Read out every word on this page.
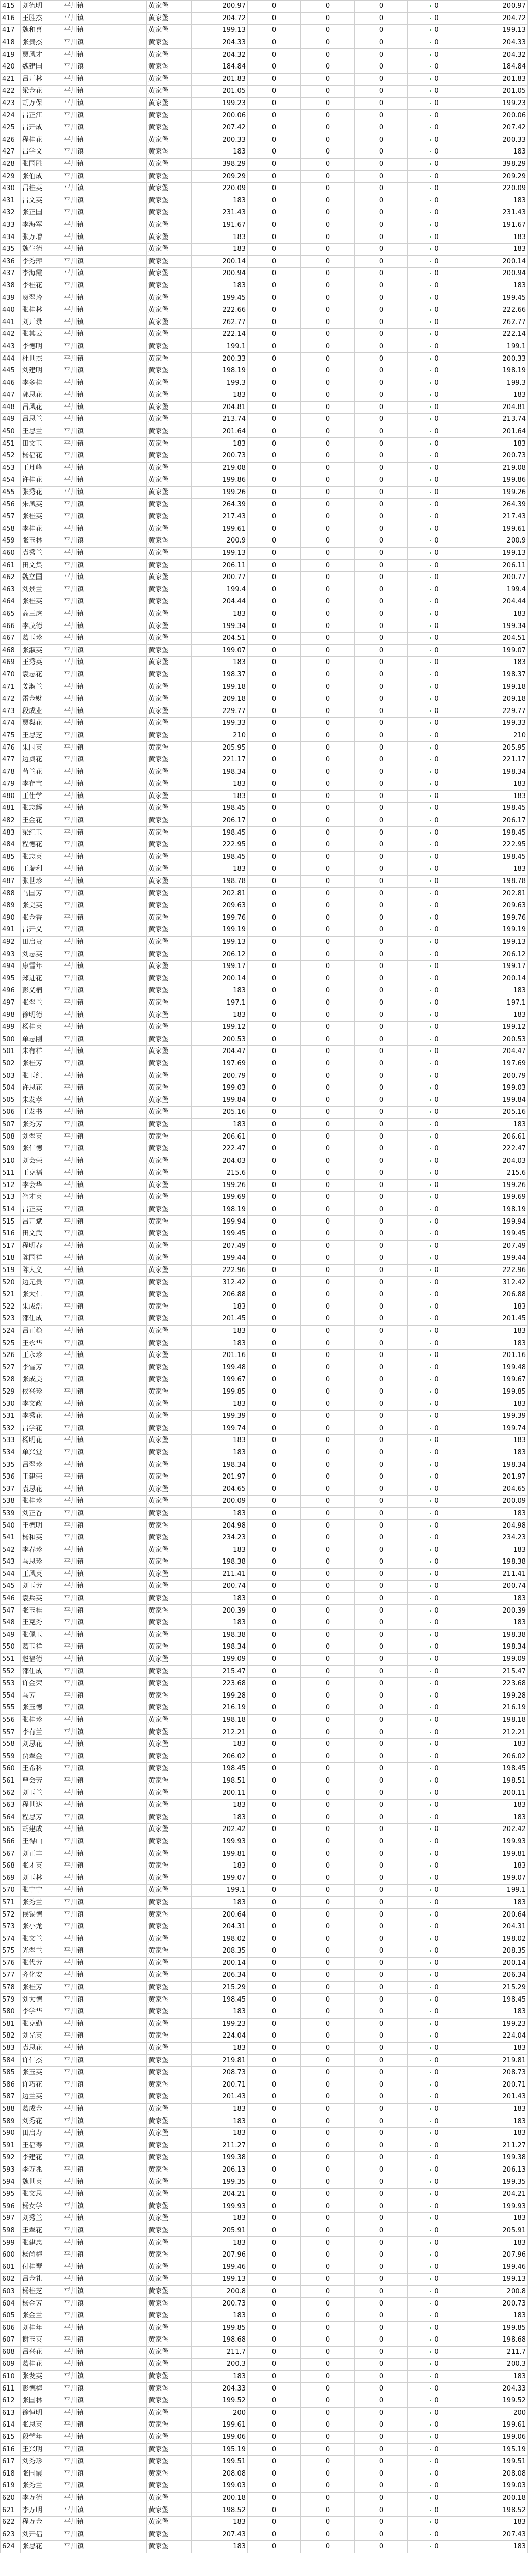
415	刘德明	平川镇		黄家堡	200.97	0	0	0	0	200.97
416	王胜杰	平川镇		黄家堡	204.72	0	0	0	0	204.72
417	魏和喜	平川镇		黄家堡	199.13	0	0	0	0	199.13
418	张贵杰	平川镇		黄家堡	204.33	0	0	0	0	204.33
419	贾风才	平川镇		黄家堡	204.32	0	0	0	0	204.32
420	魏建国	平川镇		黄家堡	184.84	0	0	0	0	184.84
421	吕开林	平川镇		黄家堡	201.83	0	0	0	0	201.83
422	梁金花	平川镇		黄家堡	201.05	0	0	0	0	201.05
423	胡万保	平川镇		黄家堡	199.23	0	0	0	0	199.23
424	吕正江	平川镇		黄家堡	200.06	0	0	0	0	200.06
425	吕开成	平川镇		黄家堡	207.42	0	0	0	0	207.42
426	程桂花	平川镇		黄家堡	200.33	0	0	0	0	200.33
427	吕学文	平川镇		黄家堡	183	0	0	0	0	183
428	张国胜	平川镇		黄家堡	398.29	0	0	0	0	398.29
429	张伯成	平川镇		黄家堡	209.29	0	0	0	0	209.29
430	吕桂英	平川镇		黄家堡	220.09	0	0	0	0	220.09
431	吕文英	平川镇		黄家堡	183	0	0	0	0	183
432	张正国	平川镇		黄家堡	231.43	0	0	0	0	231.43
433	李海军	平川镇		黄家堡	191.67	0	0	0	0	191.67
434	张万增	平川镇		黄家堡	183	0	0	0	0	183
435	魏生德	平川镇		黄家堡	183	0	0	0	0	183
436	李秀萍	平川镇		黄家堡	200.14	0	0	0	0	200.14
437	李海霞	平川镇		黄家堡	200.94	0	0	0	0	200.94
438	李桂花	平川镇		黄家堡	183	0	0	0	0	183
439	贺翠玲	平川镇		黄家堡	199.45	0	0	0	0	199.45
440	张桂林	平川镇		黄家堡	222.66	0	0	0	0	222.66
441	刘开录	平川镇		黄家堡	262.77	0	0	0	0	262.77
442	张其云	平川镇		黄家堡	222.14	0	0	0	0	222.14
443	李德明	平川镇		黄家堡	199.1	0	0	0	0	199.1
444	杜世杰	平川镇		黄家堡	200.33	0	0	0	0	200.33
445	刘建明	平川镇		黄家堡	198.19	0	0	0	0	198.19
446	李多桂	平川镇		黄家堡	199.3	0	0	0	0	199.3
447	郭思花	平川镇		黄家堡	183	0	0	0	0	183
448	吕风花	平川镇		黄家堡	204.81	0	0	0	0	204.81
449	吕思兰	平川镇		黄家堡	213.74	0	0	0	0	213.74
450	王思兰	平川镇		黄家堡	201.64	0	0	0	0	201.64
451	田文玉	平川镇		黄家堡	183	0	0	0	0	183
452	杨福花	平川镇		黄家堡	200.73	0	0	0	0	200.73
453	王月峰	平川镇		黄家堡	219.08	0	0	0	0	219.08
454	许桂花	平川镇		黄家堡	199.86	0	0	0	0	199.86
455	张秀花	平川镇		黄家堡	199.26	0	0	0	0	199.26
456	朱凤英	平川镇		黄家堡	264.39	0	0	0	0	264.39
457	张桂英	平川镇		黄家堡	217.43	0	0	0	0	217.43
458	李桂花	平川镇		黄家堡	199.61	0	0	0	0	199.61
459	张玉林	平川镇		黄家堡	200.9	0	0	0	0	200.9
460	袁秀兰	平川镇		黄家堡	199.13	0	0	0	0	199.13
461	田文集	平川镇		黄家堡	206.11	0	0	0	0	206.11
462	魏立国	平川镇		黄家堡	200.77	0	0	0	0	200.77
463	刘景兰	平川镇		黄家堡	199.4	0	0	0	0	199.4
464	张桂英	平川镇		黄家堡	204.44	0	0	0	0	204.44
465	高三虎	平川镇		黄家堡	183	0	0	0	0	183
466	李茂德	平川镇		黄家堡	199.34	0	0	0	0	199.34
467	葛玉珍	平川镇		黄家堡	204.51	0	0	0	0	204.51
468	张淑英	平川镇		黄家堡	199.07	0	0	0	0	199.07
469	王秀英	平川镇		黄家堡	183	0	0	0	0	183
470	袁志花	平川镇		黄家堡	198.37	0	0	0	0	198.37
471	姜淑兰	平川镇		黄家堡	199.18	0	0	0	0	199.18
472	雷金财	平川镇		黄家堡	209.18	0	0	0	0	209.18
473	段成业	平川镇		黄家堡	229.77	0	0	0	0	229.77
474	贾梨花	平川镇		黄家堡	199.33	0	0	0	0	199.33
475	王思芝	平川镇		黄家堡	210	0	0	0	0	210
476	朱国英	平川镇		黄家堡	205.95	0	0	0	0	205.95
477	边贞花	平川镇		黄家堡	221.17	0	0	0	0	221.17
478	苟兰花	平川镇		黄家堡	198.34	0	0	0	0	198.34
479	李存宝	平川镇		黄家堡	183	0	0	0	0	183
480	王仕学	平川镇		黄家堡	183	0	0	0	0	183
481	张志辉	平川镇		黄家堡	198.45	0	0	0	0	198.45
482	王金花	平川镇		黄家堡	206.17	0	0	0	0	206.17
483	梁红玉	平川镇		黄家堡	198.45	0	0	0	0	198.45
484	程德花	平川镇		黄家堡	222.95	0	0	0	0	222.95
485	张志英	平川镇		黄家堡	198.45	0	0	0	0	198.45
486	王瑞利	平川镇		黄家堡	183	0	0	0	0	183
487	张世珍	平川镇		黄家堡	198.78	0	0	0	0	198.78
488	马国芳	平川镇		黄家堡	202.81	0	0	0	0	202.81
489	张美英	平川镇		黄家堡	209.63	0	0	0	0	209.63
490	张金香	平川镇		黄家堡	199.76	0	0	0	0	199.76
491	吕开义	平川镇		黄家堡	199.19	0	0	0	0	199.19
492	田启贵	平川镇		黄家堡	199.13	0	0	0	0	199.13
493	刘志英	平川镇		黄家堡	206.12	0	0	0	0	206.12
494	康雪年	平川镇		黄家堡	199.17	0	0	0	0	199.17
495	郑进花	平川镇		黄家堡	200.14	0	0	0	0	200.14
496	彭义楠	平川镇		黄家堡	183	0	0	0	0	183
497	张翠兰	平川镇		黄家堡	197.1	0	0	0	0	197.1
498	徐明德	平川镇		黄家堡	183	0	0	0	0	183
499	杨桂英	平川镇		黄家堡	199.12	0	0	0	0	199.12
500	单志刚	平川镇		黄家堡	200.53	0	0	0	0	200.53
501	朱有祥	平川镇		黄家堡	204.47	0	0	0	0	204.47
502	张桂芳	平川镇		黄家堡	197.69	0	0	0	0	197.69
503	张玉红	平川镇		黄家堡	200.79	0	0	0	0	200.79
504	许思花	平川镇		黄家堡	199.03	0	0	0	0	199.03
505	朱发孝	平川镇		黄家堡	199.84	0	0	0	0	199.84
506	王发书	平川镇		黄家堡	205.16	0	0	0	0	205.16
507	张秀芳	平川镇		黄家堡	183	0	0	0	0	183
508	刘翠英	平川镇		黄家堡	206.61	0	0	0	0	206.61
509	张仁德	平川镇		黄家堡	222.47	0	0	0	0	222.47
510	刘会荣	平川镇		黄家堡	204.03	0	0	0	0	204.03
511	王克福	平川镇		黄家堡	215.6	0	0	0	0	215.6
512	李会华	平川镇		黄家堡	199.26	0	0	0	0	199.26
513	智才英	平川镇		黄家堡	199.69	0	0	0	0	199.69
514	吕正英	平川镇		黄家堡	198.19	0	0	0	0	198.19
515	吕开斌	平川镇		黄家堡	199.94	0	0	0	0	199.94
516	田文武	平川镇		黄家堡	199.45	0	0	0	0	199.45
517	程明春	平川镇		黄家堡	207.49	0	0	0	0	207.49
518	陈国祥	平川镇		黄家堡	199.44	0	0	0	0	199.44
519	陈大义	平川镇		黄家堡	222.96	0	0	0	0	222.96
520	边元贵	平川镇		黄家堡	312.42	0	0	0	0	312.42
521	张大仁	平川镇		黄家堡	206.88	0	0	0	0	206.88
522	朱成浩	平川镇		黄家堡	183	0	0	0	0	183
523	邵仕成	平川镇		黄家堡	201.45	0	0	0	0	201.45
524	吕正稳	平川镇		黄家堡	183	0	0	0	0	183
525	王永华	平川镇		黄家堡	183	0	0	0	0	183
526	王永珍	平川镇		黄家堡	201.16	0	0	0	0	201.16
527	李雪芳	平川镇		黄家堡	199.48	0	0	0	0	199.48
528	张成美	平川镇		黄家堡	199.67	0	0	0	0	199.67
529	侯兴珍	平川镇		黄家堡	199.85	0	0	0	0	199.85
530	李文政	平川镇		黄家堡	183	0	0	0	0	183
531	李秀花	平川镇		黄家堡	199.39	0	0	0	0	199.39
532	吕学花	平川镇		黄家堡	199.74	0	0	0	0	199.74
533	杨明花	平川镇		黄家堡	183	0	0	0	0	183
534	单兴堂	平川镇		黄家堡	183	0	0	0	0	183
535	吕翠珍	平川镇		黄家堡	198.34	0	0	0	0	198.34
536	王建荣	平川镇		黄家堡	201.97	0	0	0	0	201.97
537	袁思花	平川镇		黄家堡	204.65	0	0	0	0	204.65
538	张桂珍	平川镇		黄家堡	200.09	0	0	0	0	200.09
539	刘正香	平川镇		黄家堡	183	0	0	0	0	183
540	王德明	平川镇		黄家堡	204.98	0	0	0	0	204.98
541	杨和英	平川镇		黄家堡	234.23	0	0	0	0	234.23
542	李春珍	平川镇		黄家堡	183	0	0	0	0	183
543	马思珍	平川镇		黄家堡	198.38	0	0	0	0	198.38
544	王风英	平川镇		黄家堡	211.41	0	0	0	0	211.41
545	刘玉芳	平川镇		黄家堡	200.74	0	0	0	0	200.74
546	袁兵英	平川镇		黄家堡	183	0	0	0	0	183
547	张玉桂	平川镇		黄家堡	200.39	0	0	0	0	200.39
548	王克秀	平川镇		黄家堡	183	0	0	0	0	183
549	张佩玉	平川镇		黄家堡	198.38	0	0	0	0	198.38
550	葛玉祥	平川镇		黄家堡	198.34	0	0	0	0	198.34
551	赵福德	平川镇		黄家堡	199.09	0	0	0	0	199.09
552	邵仕成	平川镇		黄家堡	215.47	0	0	0	0	215.47
553	许金荣	平川镇		黄家堡	223.68	0	0	0	0	223.68
554	马芳	平川镇		黄家堡	199.28	0	0	0	0	199.28
555	张玉德	平川镇		黄家堡	216.19	0	0	0	0	216.19
556	张桂珍	平川镇		黄家堡	198.18	0	0	0	0	198.18
557	李有兰	平川镇		黄家堡	212.21	0	0	0	0	212.21
558	刘思花	平川镇		黄家堡	183	0	0	0	0	183
559	贾翠金	平川镇		黄家堡	206.02	0	0	0	0	206.02
560	王希科	平川镇		黄家堡	198.45	0	0	0	0	198.45
561	曹会芳	平川镇		黄家堡	198.51	0	0	0	0	198.51
562	刘玉兰	平川镇		黄家堡	200.11	0	0	0	0	200.11
563	程世达	平川镇		黄家堡	183	0	0	0	0	183
564	程思芳	平川镇		黄家堡	183	0	0	0	0	183
565	胡建成	平川镇		黄家堡	202.42	0	0	0	0	202.42
566	王得山	平川镇		黄家堡	199.93	0	0	0	0	199.93
567	刘正丰	平川镇		黄家堡	199.81	0	0	0	0	199.81
568	张才英	平川镇		黄家堡	183	0	0	0	0	183
569	刘玉林	平川镇		黄家堡	199.07	0	0	0	0	199.07
570	张宁宁	平川镇		黄家堡	199.1	0	0	0	0	199.1
571	张秀兰	平川镇		黄家堡	183	0	0	0	0	183
572	侯锡德	平川镇		黄家堡	200.64	0	0	0	0	200.64
573	张小龙	平川镇		黄家堡	204.31	0	0	0	0	204.31
574	张文兰	平川镇		黄家堡	198.02	0	0	0	0	198.02
575	光翠兰	平川镇		黄家堡	208.35	0	0	0	0	208.35
576	张代芳	平川镇		黄家堡	200.14	0	0	0	0	200.14
577	齐化安	平川镇		黄家堡	206.34	0	0	0	0	206.34
578	张桂芳	平川镇		黄家堡	215.29	0	0	0	0	215.29
579	刘大德	平川镇		黄家堡	198.45	0	0	0	0	198.45
580	李学华	平川镇		黄家堡	183	0	0	0	0	183
581	张克勤	平川镇		黄家堡	199.23	0	0	0	0	199.23
582	刘光英	平川镇		黄家堡	224.04	0	0	0	0	224.04
583	袁思花	平川镇		黄家堡	183	0	0	0	0	183
584	许仁杰	平川镇		黄家堡	219.81	0	0	0	0	219.81
585	张玉英	平川镇		黄家堡	208.73	0	0	0	0	208.73
586	许巧花	平川镇		黄家堡	200.71	0	0	0	0	200.71
587	边兰英	平川镇		黄家堡	201.43	0	0	0	0	201.43
588	葛成金	平川镇		黄家堡	183	0	0	0	0	183
589	刘秀花	平川镇		黄家堡	183	0	0	0	0	183
590	田启寿	平川镇		黄家堡	183	0	0	0	0	183
591	王福寿	平川镇		黄家堡	211.27	0	0	0	0	211.27
592	李建花	平川镇		黄家堡	199.38	0	0	0	0	199.38
593	李万兆	平川镇		黄家堡	206.13	0	0	0	0	206.13
594	魏世英	平川镇		黄家堡	199.35	0	0	0	0	199.35
595	张文思	平川镇		黄家堡	204.21	0	0	0	0	204.21
596	杨女学	平川镇		黄家堡	199.93	0	0	0	0	199.93
597	刘秀兰	平川镇		黄家堡	183	0	0	0	0	183
598	王翠花	平川镇		黄家堡	205.91	0	0	0	0	205.91
599	张建忠	平川镇		黄家堡	183	0	0	0	0	183
600	杨尚梅	平川镇		黄家堡	207.96	0	0	0	0	207.96
601	付桂琴	平川镇		黄家堡	199.46	0	0	0	0	199.46
602	吕金礼	平川镇		黄家堡	199.13	0	0	0	0	199.13
603	杨桂芝	平川镇		黄家堡	200.8	0	0	0	0	200.8
604	杨金芳	平川镇		黄家堡	200.73	0	0	0	0	200.73
605	张金兰	平川镇		黄家堡	183	0	0	0	0	183
606	刘桂年	平川镇		黄家堡	199.85	0	0	0	0	199.85
607	谢玉英	平川镇		黄家堡	198.68	0	0	0	0	198.68
608	吕兴花	平川镇		黄家堡	211.7	0	0	0	0	211.7
609	葛桂花	平川镇		黄家堡	200.3	0	0	0	0	200.3
610	张发英	平川镇		黄家堡	183	0	0	0	0	183
611	彭德梅	平川镇		黄家堡	204.33	0	0	0	0	204.33
612	张国林	平川镇		黄家堡	199.52	0	0	0	0	199.52
613	徐恒明	平川镇		黄家堡	200	0	0	0	0	200
614	张思英	平川镇		黄家堡	199.61	0	0	0	0	199.61
615	段学年	平川镇		黄家堡	199.06	0	0	0	0	199.06
616	王兴明	平川镇		黄家堡	195.19	0	0	0	0	195.19
617	刘秀珍	平川镇		黄家堡	199.51	0	0	0	0	199.51
618	张国霞	平川镇		黄家堡	208.08	0	0	0	0	208.08
619	张秀兰	平川镇		黄家堡	199.03	0	0	0	0	199.03
620	李万德	平川镇		黄家堡	200.18	0	0	0	0	200.18
621	李万明	平川镇		黄家堡	198.52	0	0	0	0	198.52
622	程万金	平川镇		黄家堡	183	0	0	0	0	183
623	刘开福	平川镇		黄家堡	207.43	0	0	0	0	207.43
624	张思花	平川镇		黄家堡	183	0	0	0	0	183
